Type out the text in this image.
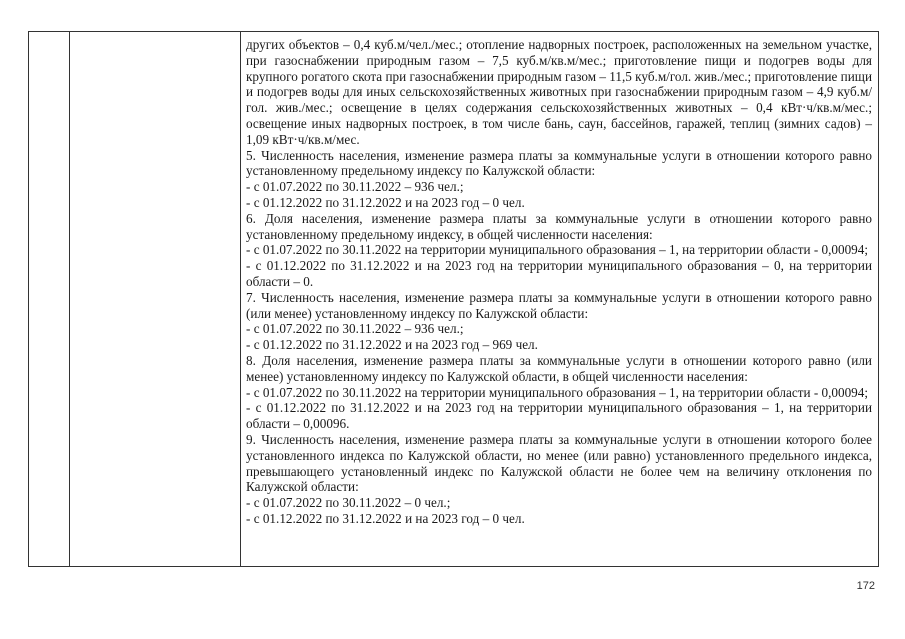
других объектов – 0,4 куб.м/чел./мес.; отопление надворных построек, расположенных на земельном участке, при газоснабжении природным газом – 7,5 куб.м/кв.м/мес.; приготовление пищи и подогрев воды для крупного рогатого скота при газоснабжении природным газом – 11,5 куб.м/гол. жив./мес.; приготовление пищи и подогрев воды для иных сельскохозяйственных животных при газоснабжении природным газом – 4,9 куб.м/гол. жив./мес.; освещение в целях содержания сельскохозяйственных животных – 0,4 кВт·ч/кв.м/мес.; освещение иных надворных построек, в том числе бань, саун, бассейнов, гаражей, теплиц (зимних садов) – 1,09 кВт·ч/кв.м/мес.

5. Численность населения, изменение размера платы за коммунальные услуги в отношении которого равно установленному предельному индексу по Калужской области:

- с 01.07.2022 по 30.11.2022 – 936 чел.;

- с 01.12.2022 по 31.12.2022 и на 2023 год – 0 чел.

6. Доля населения, изменение размера платы за коммунальные услуги в отношении которого равно установленному предельному индексу, в общей численности населения:

- с 01.07.2022 по 30.11.2022 на территории муниципального образования – 1, на территории области - 0,00094;

- с 01.12.2022 по 31.12.2022 и на 2023 год на территории муниципального образования – 0, на территории области – 0.

7. Численность населения, изменение размера платы за коммунальные услуги в отношении которого равно (или менее) установленному индексу по Калужской области:

- с 01.07.2022 по 30.11.2022 – 936 чел.;

- с 01.12.2022 по 31.12.2022 и на 2023 год – 969 чел.

8. Доля населения, изменение размера платы за коммунальные услуги в отношении которого равно (или менее) установленному индексу по Калужской области, в общей численности населения:

- с 01.07.2022 по 30.11.2022 на территории муниципального образования – 1, на территории области - 0,00094;

- с 01.12.2022 по 31.12.2022 и на 2023 год на территории муниципального образования – 1, на территории области – 0,00096.

9. Численность населения, изменение размера платы за коммунальные услуги в отношении которого более установленного индекса по Калужской области, но менее (или равно) установленного предельного индекса, превышающего установленный индекс по Калужской области не более чем на величину отклонения по Калужской области:

- с 01.07.2022 по 30.11.2022 – 0 чел.;

- с 01.12.2022 по 31.12.2022 и на 2023 год – 0 чел.

172
